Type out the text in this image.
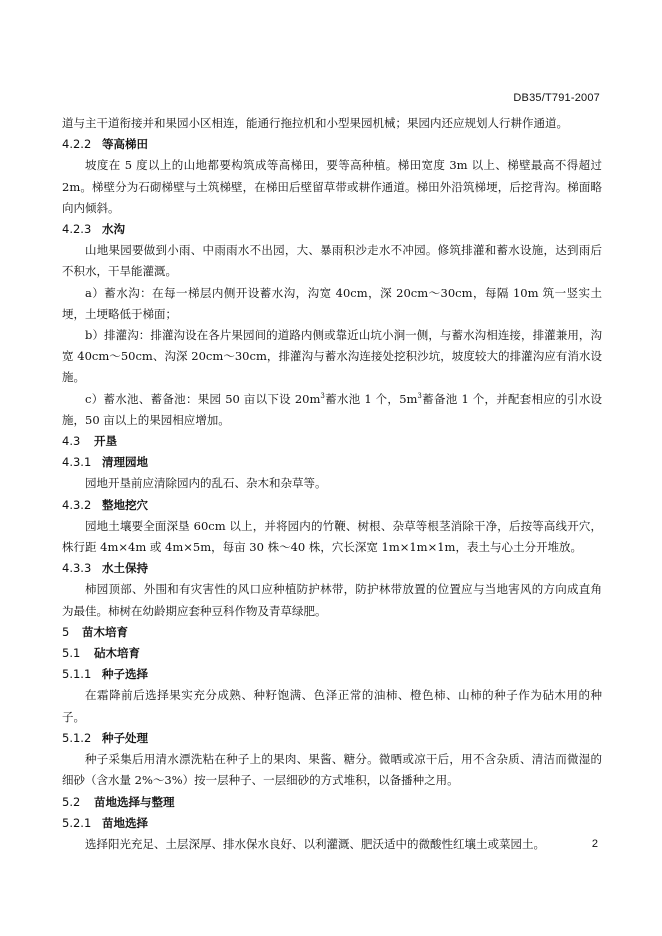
DB35/T791-2007

道与主干道衔接并和果园小区相连，能通行拖拉机和小型果园机械；果园内还应规划人行耕作通道。

4.2.2 等高梯田

坡度在 5 度以上的山地都要构筑成等高梯田，要等高种植。梯田宽度 3m 以上、梯壁最高不得超过 2m。梯壁分为石砌梯壁与土筑梯壁，在梯田后壁留草带或耕作通道。梯田外沿筑梯埂，后挖背沟。梯面略向内倾斜。

4.2.3 水沟

山地果园要做到小雨、中雨雨水不出园，大、暴雨积沙走水不冲园。修筑排灌和蓄水设施，达到雨后不积水，干旱能灌溉。

a）蓄水沟：在每一梯层内侧开设蓄水沟，沟宽 40cm，深 20cm～30cm，每隔 10m 筑一竖实土埂，土埂略低于梯面；

b）排灌沟：排灌沟设在各片果园间的道路内侧或靠近山坑小涧一侧，与蓄水沟相连接，排灌兼用，沟宽 40cm～50cm、沟深 20cm～30cm，排灌沟与蓄水沟连接处挖积沙坑，坡度较大的排灌沟应有消水设施。

c）蓄水池、蓄备池：果园 50 亩以下设 $20m^3$蓄水池 1 个，$5m^3$蓄备池 1 个，并配套相应的引水设施，50 亩以上的果园相应增加。

4.3 开垦
4.3.1 清理园地

园地开垦前应清除园内的乱石、杂木和杂草等。

4.3.2 整地挖穴

园地土壤要全面深垦 60cm 以上，并将园内的竹鞭、树根、杂草等根茎消除干净，后按等高线开穴，株行距 4m×4m 或 4m×5m，每亩 30 株～40 株，穴长深宽 1m×1m×1m，表土与心土分开堆放。

4.3.3 水土保持

柿园顶部、外围和有灾害性的风口应种植防护林带，防护林带放置的位置应与当地害风的方向成直角为最佳。柿树在幼龄期应套种豆科作物及青草绿肥。

5 苗木培育
5.1 砧木培育
5.1.1 种子选择

在霜降前后选择果实充分成熟、种籽饱满、色泽正常的油柿、橙色柿、山柿的种子作为砧木用的种子。

5.1.2 种子处理

种子采集后用清水漂洗粘在种子上的果肉、果酱、糖分。微晒或凉干后，用不含杂质、清洁而微湿的细砂（含水量 2%～3%）按一层种子、一层细砂的方式堆积，以备播种之用。

5.2 苗地选择与整理
5.2.1 苗地选择

选择阳光充足、土层深厚、排水保水良好、以利灌溉、肥沃适中的微酸性红壤土或菜园土。	2
